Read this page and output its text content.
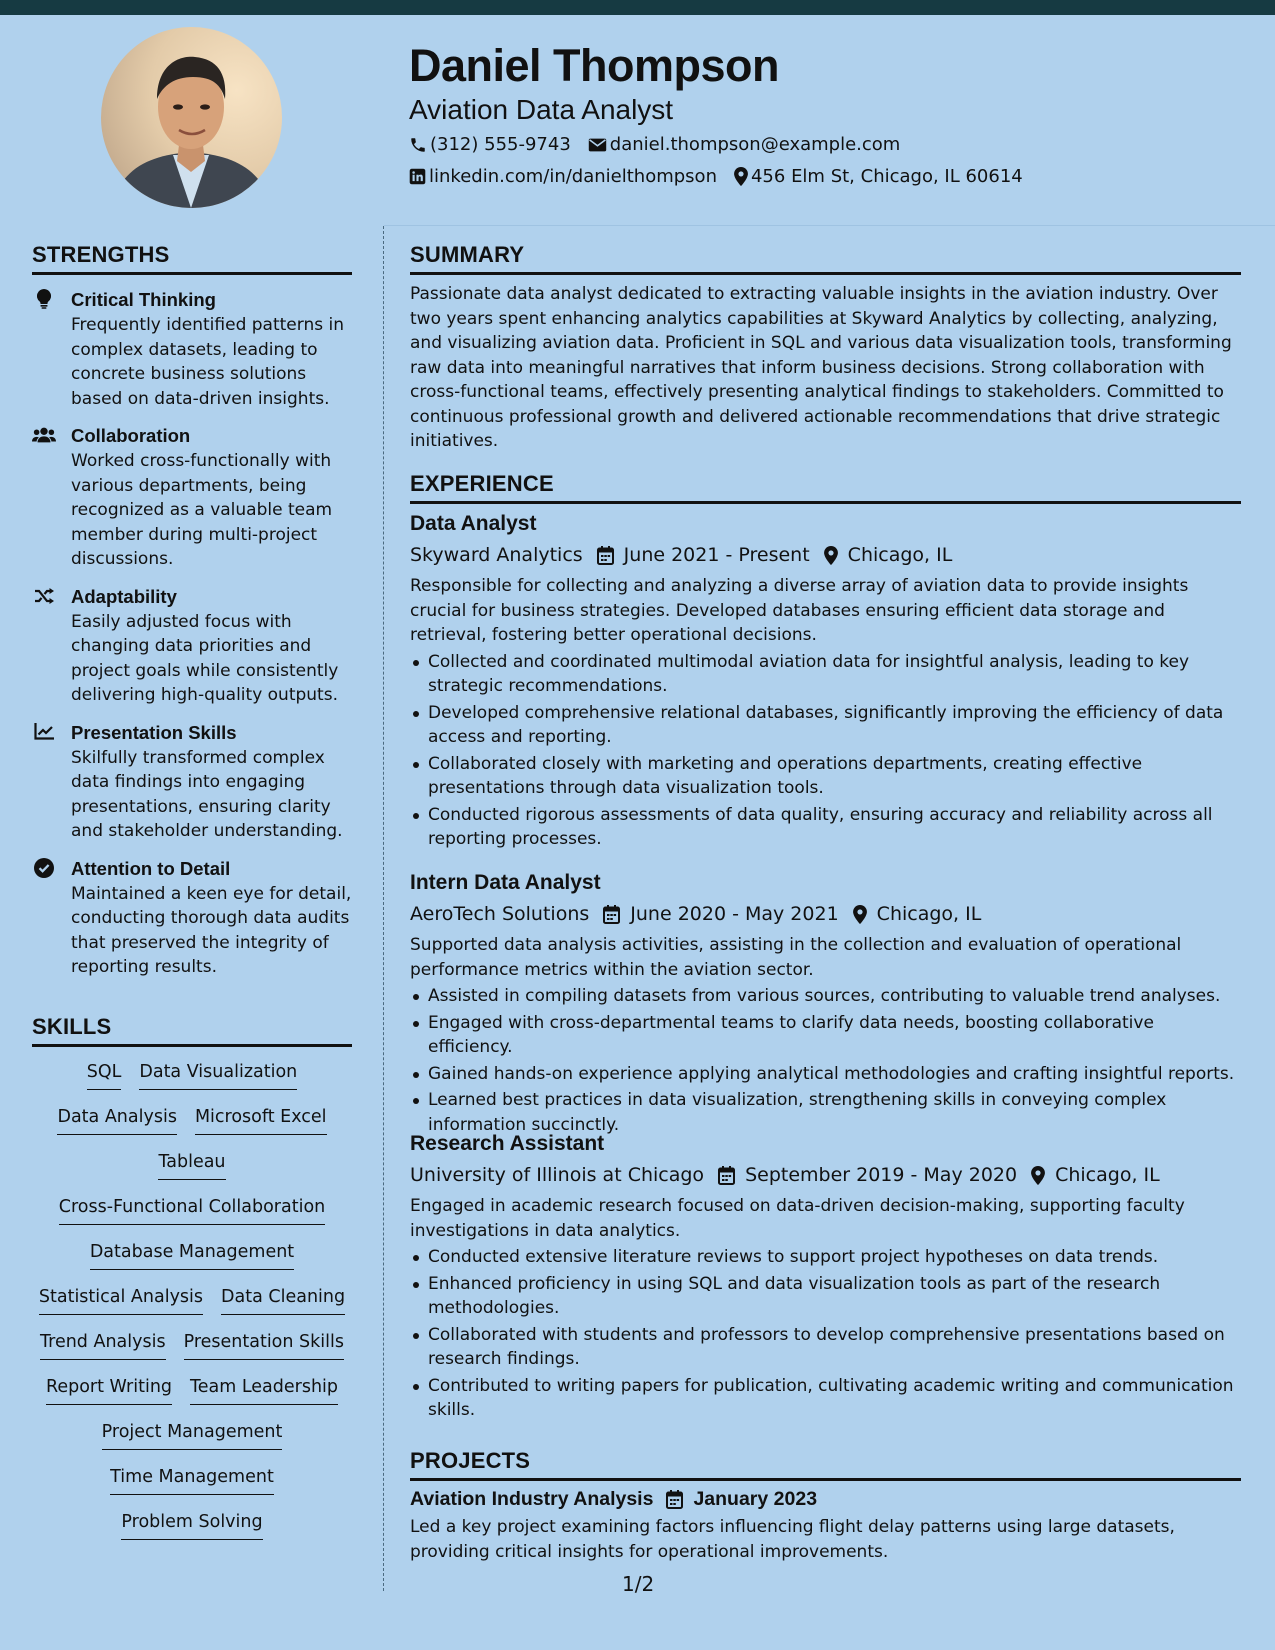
Daniel Thompson
Aviation Data Analyst
(312) 555-9743 daniel.thompson@example.com
linkedin.com/in/danielthompson 456 Elm St, Chicago, IL 60614
STRENGTHS
Critical Thinking
Frequently identified patterns in complex datasets, leading to concrete business solutions based on data-driven insights.
Collaboration
Worked cross-functionally with various departments, being recognized as a valuable team member during multi-project discussions.
Adaptability
Easily adjusted focus with changing data priorities and project goals while consistently delivering high-quality outputs.
Presentation Skills
Skilfully transformed complex data findings into engaging presentations, ensuring clarity and stakeholder understanding.
Attention to Detail
Maintained a keen eye for detail, conducting thorough data audits that preserved the integrity of reporting results.
SKILLS
SQL Data Visualization
Data Analysis Microsoft Excel
Tableau
Cross-Functional Collaboration
Database Management
Statistical Analysis Data Cleaning
Trend Analysis Presentation Skills
Report Writing Team Leadership
Project Management
Time Management
Problem Solving
SUMMARY
Passionate data analyst dedicated to extracting valuable insights in the aviation industry. Over two years spent enhancing analytics capabilities at Skyward Analytics by collecting, analyzing, and visualizing aviation data. Proficient in SQL and various data visualization tools, transforming raw data into meaningful narratives that inform business decisions. Strong collaboration with cross-functional teams, effectively presenting analytical findings to stakeholders. Committed to continuous professional growth and delivered actionable recommendations that drive strategic initiatives.
EXPERIENCE
Data Analyst
Skyward Analytics June 2021 - Present Chicago, IL
Responsible for collecting and analyzing a diverse array of aviation data to provide insights crucial for business strategies. Developed databases ensuring efficient data storage and retrieval, fostering better operational decisions.
Collected and coordinated multimodal aviation data for insightful analysis, leading to key strategic recommendations.
Developed comprehensive relational databases, significantly improving the efficiency of data access and reporting.
Collaborated closely with marketing and operations departments, creating effective presentations through data visualization tools.
Conducted rigorous assessments of data quality, ensuring accuracy and reliability across all reporting processes.
Intern Data Analyst
AeroTech Solutions June 2020 - May 2021 Chicago, IL
Supported data analysis activities, assisting in the collection and evaluation of operational performance metrics within the aviation sector.
Assisted in compiling datasets from various sources, contributing to valuable trend analyses.
Engaged with cross-departmental teams to clarify data needs, boosting collaborative efficiency.
Gained hands-on experience applying analytical methodologies and crafting insightful reports.
Learned best practices in data visualization, strengthening skills in conveying complex information succinctly.
Research Assistant
University of Illinois at Chicago September 2019 - May 2020 Chicago, IL
Engaged in academic research focused on data-driven decision-making, supporting faculty investigations in data analytics.
Conducted extensive literature reviews to support project hypotheses on data trends.
Enhanced proficiency in using SQL and data visualization tools as part of the research methodologies.
Collaborated with students and professors to develop comprehensive presentations based on research findings.
Contributed to writing papers for publication, cultivating academic writing and communication skills.
PROJECTS
Aviation Industry Analysis January 2023
Led a key project examining factors influencing flight delay patterns using large datasets, providing critical insights for operational improvements.
1/2
